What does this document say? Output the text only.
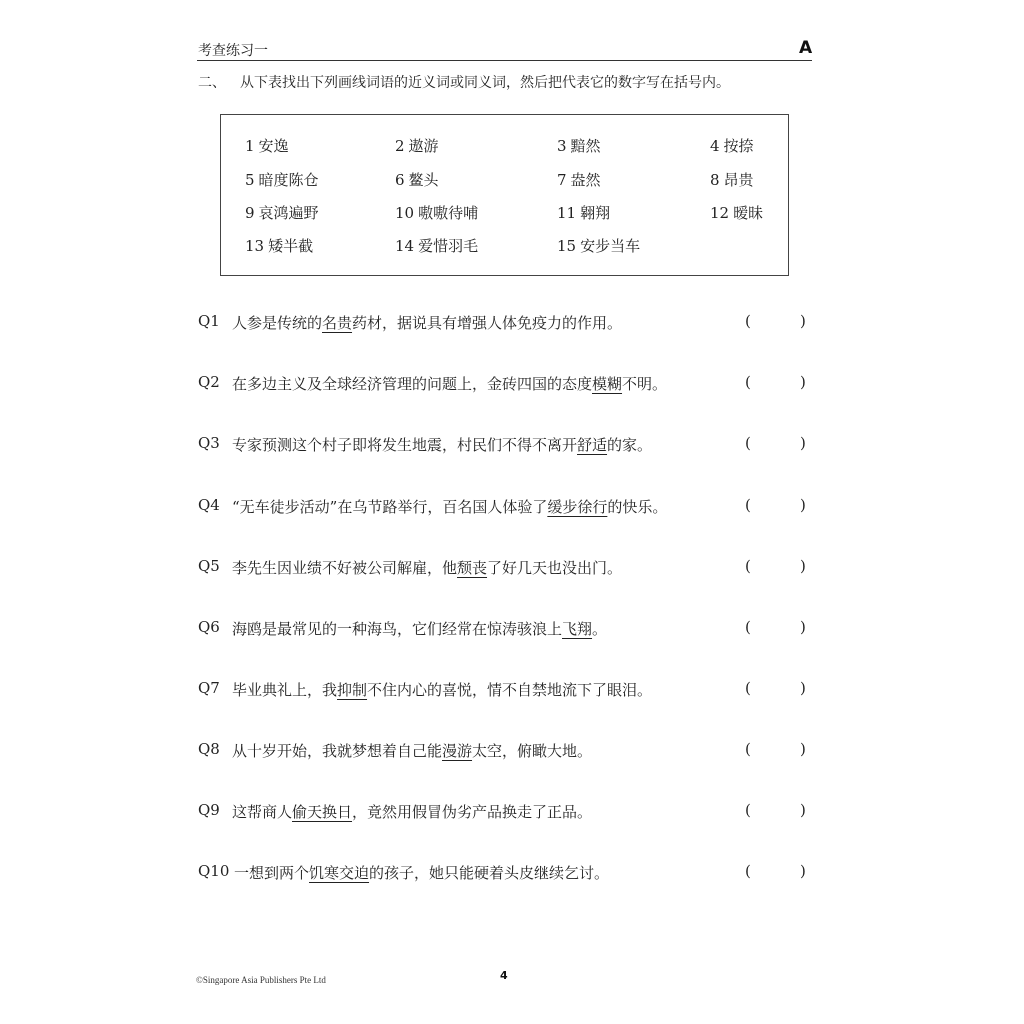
考查练习一	A
二、 从下表找出下列画线词语的近义词或同义词，然后把代表它的数字写在括号内。
1 安逸	2 遨游	3 黯然	4 按捺
5 暗度陈仓	6 鳌头	7 盎然	8 昂贵
9 哀鸿遍野	10 嗷嗷待哺	11 翱翔	12 暧昧
13 矮半截	14 爱惜羽毛	15 安步当车
Q1 人参是传统的名贵药材，据说具有增强人体免疫力的作用。	(	)
Q2 在多边主义及全球经济管理的问题上，金砖四国的态度模糊不明。	(	)
Q3 专家预测这个村子即将发生地震，村民们不得不离开舒适的家。	(	)
Q4 “无车徒步活动”在乌节路举行，百名国人体验了缓步徐行的快乐。	(	)
Q5 李先生因业绩不好被公司解雇，他颓丧了好几天也没出门。	(	)
Q6 海鸥是最常见的一种海鸟，它们经常在惊涛骇浪上飞翔。	(	)
Q7 毕业典礼上，我抑制不住内心的喜悦，情不自禁地流下了眼泪。	(	)
Q8 从十岁开始，我就梦想着自己能漫游太空，俯瞰大地。	(	)
Q9 这帮商人偷天换日，竟然用假冒伪劣产品换走了正品。	(	)
Q10 一想到两个饥寒交迫的孩子，她只能硬着头皮继续乞讨。	(	)
©Singapore Asia Publishers Pte Ltd	4
